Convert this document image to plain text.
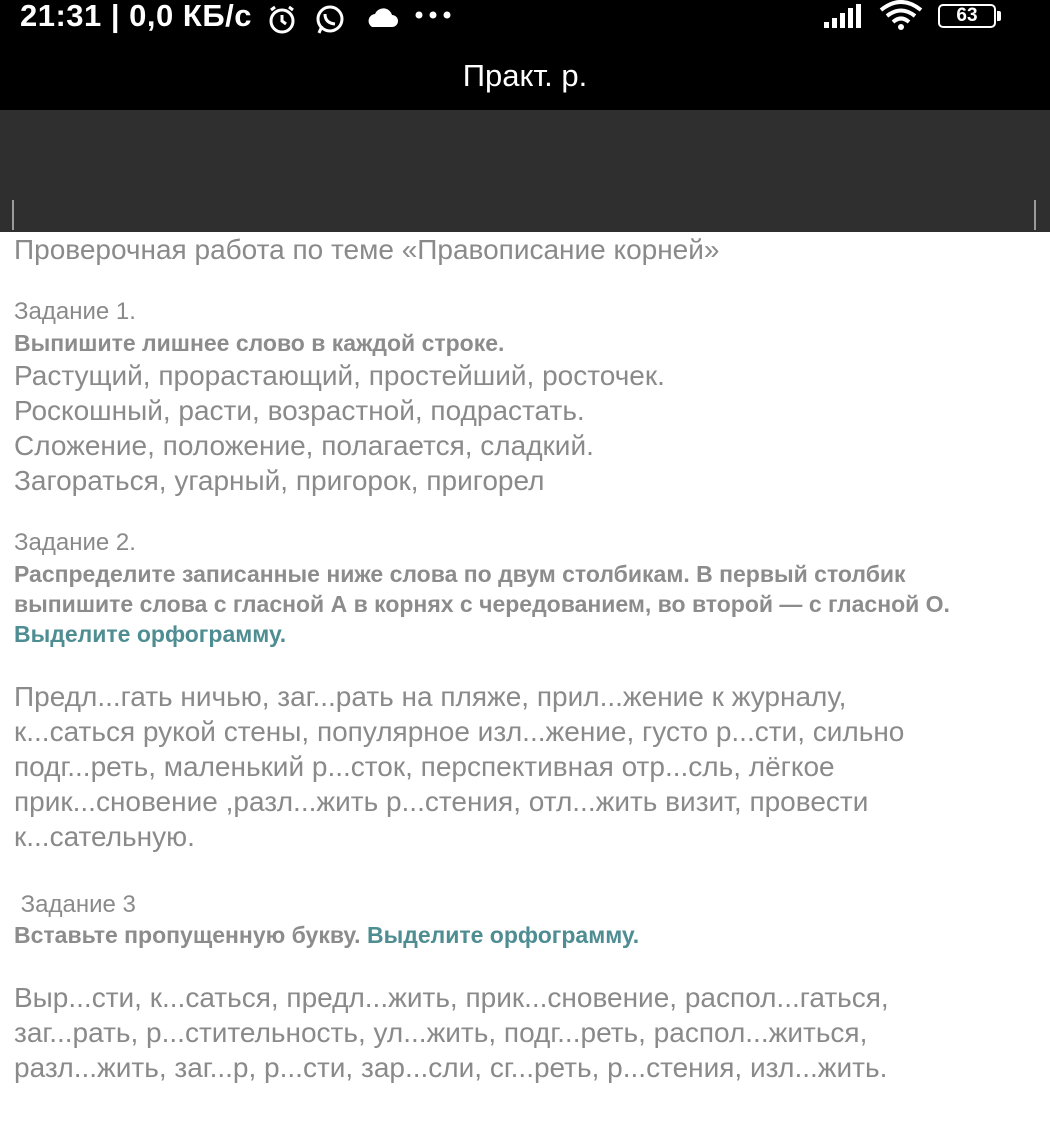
21:31 | 0,0 КБ/с	63
Практ. р.
Проверочная работа по теме «Правописание корней»
Задание 1.
Выпишите лишнее слово в каждой строке.
Растущий, прорастающий, простейший, росточек.
Роскошный, расти, возрастной, подрастать.
Сложение, положение, полагается, сладкий.
Загораться, угарный, пригорок, пригорел
Задание 2.
Распределите записанные ниже слова по двум столбикам. В первый столбик
выпишите слова с гласной А в корнях с чередованием, во второй — с гласной О.
Выделите орфограмму.
Предл...гать ничью, заг...рать на пляже, прил...жение к журналу,
к...саться рукой стены, популярное изл...жение, густо р...сти, сильно
подг...реть, маленький р...сток, перспективная отр...сль, лёгкое
прик...сновение ,разл...жить р...стения, отл...жить визит, провести
к...сательную.
Задание 3
Вставьте пропущенную букву. Выделите орфограмму.
Выр...сти, к...саться, предл...жить, прик...сновение, распол...гаться,
заг...рать, р...стительность, ул...жить, подг...реть, распол...житься,
разл...жить, заг...р, р...сти, зар...сли, сг...реть, р...стения, изл...жить.
